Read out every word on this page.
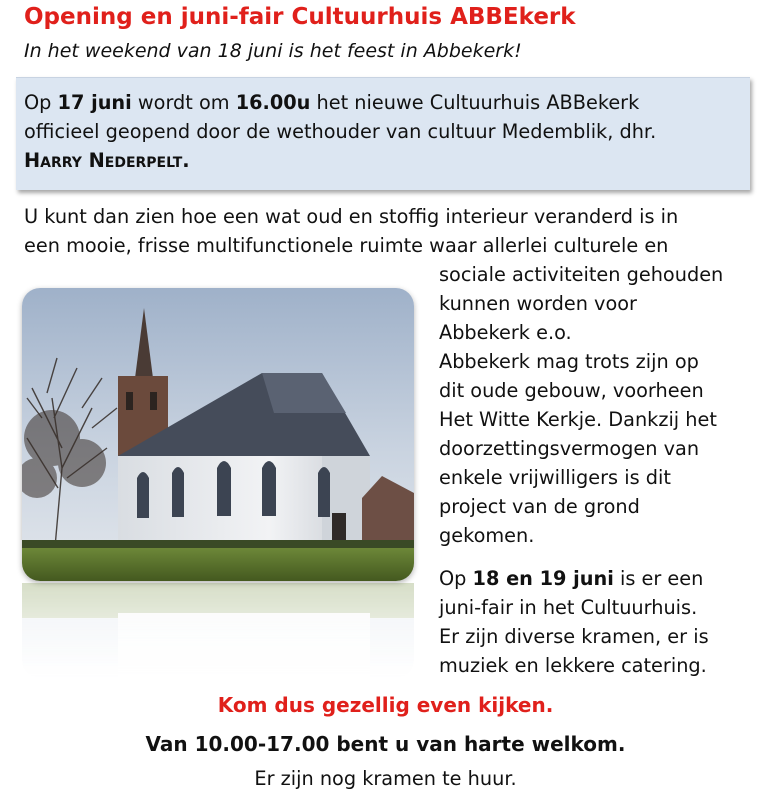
Opening en juni-fair Cultuurhuis ABBEkerk

In het weekend van 18 juni is het feest in Abbekerk!

Op 17 juni wordt om 16.00u het nieuwe Cultuurhuis ABBekerk
officieel geopend door de wethouder van cultuur Medemblik, dhr.
Harry Nederpelt.

U kunt dan zien hoe een wat oud en stoffig interieur veranderd is in

een mooie, frisse multifunctionele ruimte waar allerlei culturele en

sociale activiteiten gehouden
kunnen worden voor
Abbekerk e.o.
Abbekerk mag trots zijn op
dit oude gebouw, voorheen
Het Witte Kerkje. Dankzij het
doorzettingsvermogen van
enkele vrijwilligers is dit
project van de grond
gekomen.
Op 18 en 19 juni is er een
juni-fair in het Cultuurhuis.
Er zijn diverse kramen, er is
muziek en lekkere catering.

Kom dus gezellig even kijken.

Van 10.00-17.00 bent u van harte welkom.

Er zijn nog kramen te huur.
